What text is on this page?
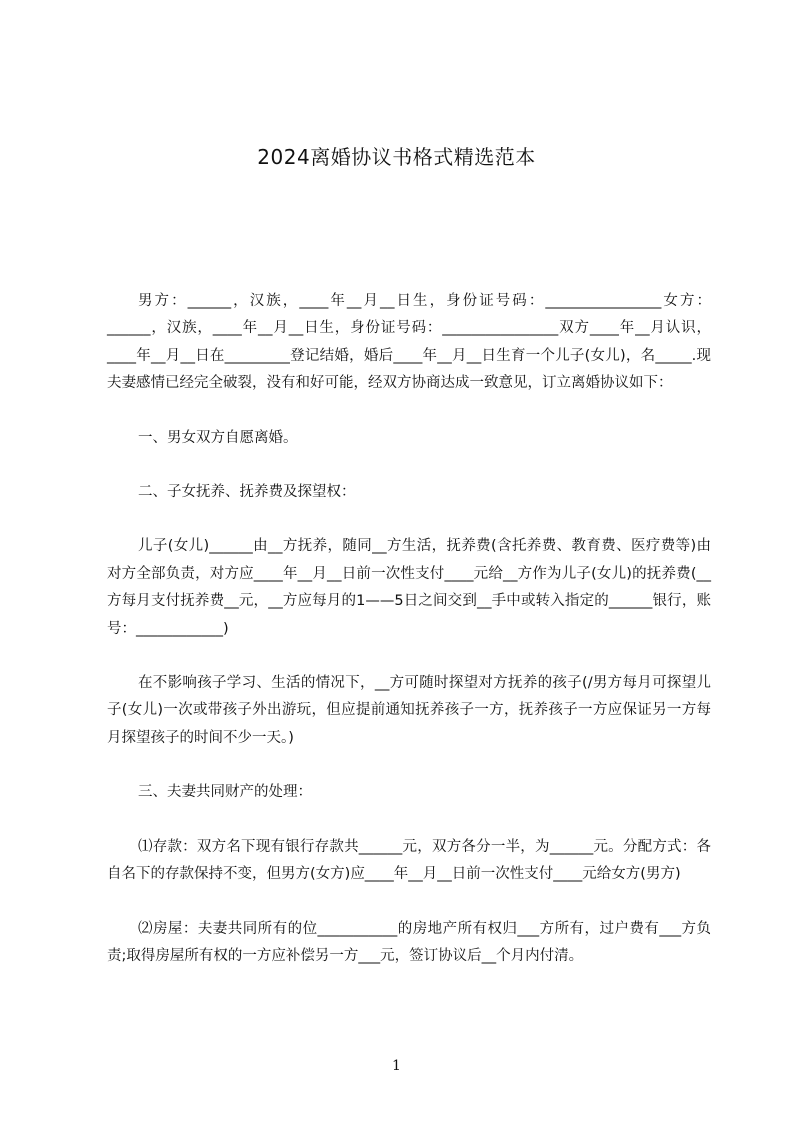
2024离婚协议书格式精选范本

男方：______，汉族，____年__月__日生，身份证号码：________________女方：______，汉族，____年__月__日生，身份证号码：________________双方____年__月认识，____年__月__日在_________登记结婚，婚后____年__月__日生育一个儿子(女儿)，名_____.现夫妻感情已经完全破裂，没有和好可能，经双方协商达成一致意见，订立离婚协议如下：

一、男女双方自愿离婚。

二、子女抚养、抚养费及探望权：

儿子(女儿)______由__方抚养，随同__方生活，抚养费(含托养费、教育费、医疗费等)由对方全部负责，对方应____年__月__日前一次性支付____元给__方作为儿子(女儿)的抚养费(__方每月支付抚养费__元，__方应每月的1——5日之间交到__手中或转入指定的______银行，账号：____________)

在不影响孩子学习、生活的情况下，__方可随时探望对方抚养的孩子(/男方每月可探望儿子(女儿)一次或带孩子外出游玩，但应提前通知抚养孩子一方，抚养孩子一方应保证另一方每月探望孩子的时间不少一天。)

三、夫妻共同财产的处理：

⑴存款：双方名下现有银行存款共______元，双方各分一半，为______元。分配方式：各自名下的存款保持不变，但男方(女方)应____年__月__日前一次性支付____元给女方(男方)

⑵房屋：夫妻共同所有的位___________的房地产所有权归___方所有，过户费有___方负责;取得房屋所有权的一方应补偿另一方___元，签订协议后__个月内付清。

1
